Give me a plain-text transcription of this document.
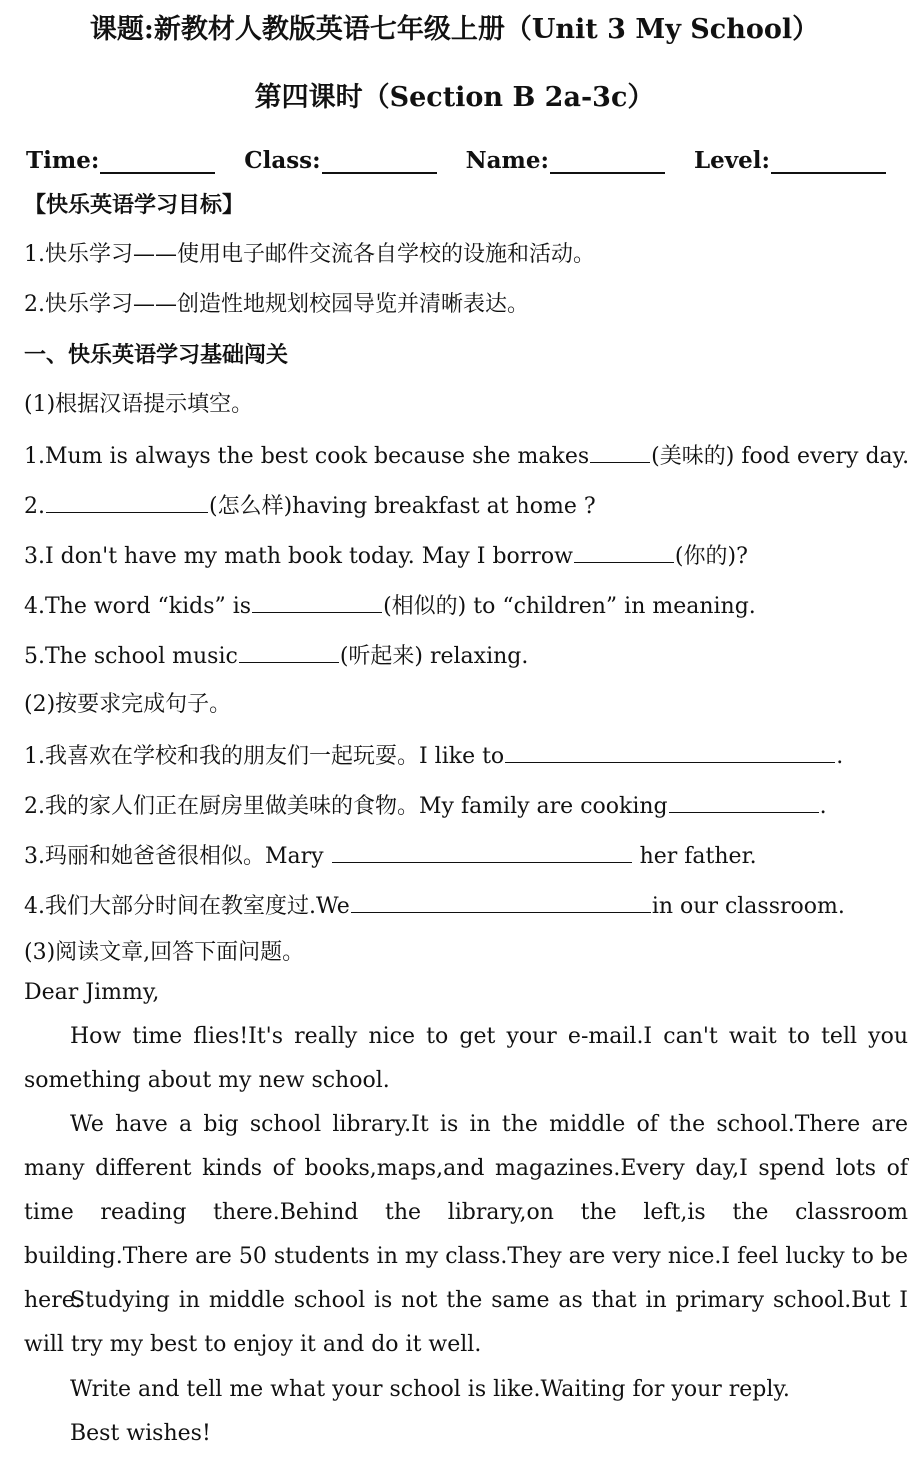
课题:新教材人教版英语七年级上册（Unit 3 My School）
第四课时（Section B 2a-3c）
Time:	Class:	Name:	Level:
【快乐英语学习目标】
1.快乐学习——使用电子邮件交流各自学校的设施和活动。
2.快乐学习——创造性地规划校园导览并清晰表达。
一、快乐英语学习基础闯关
(1)根据汉语提示填空。
1.Mum is always the best cook because she makes	(美味的) food every day.
2.	(怎么样)having breakfast at home ?
3.I don't have my math book today. May I borrow	(你的)?
4.The word “kids” is	(相似的) to “children” in meaning.
5.The school music	(听起来) relaxing.
(2)按要求完成句子。
1.我喜欢在学校和我的朋友们一起玩耍。I like to	.
2.我的家人们正在厨房里做美味的食物。My family are cooking	.
3.玛丽和她爸爸很相似。Mary	her father.
4.我们大部分时间在教室度过.We	in our classroom.
(3)阅读文章,回答下面问题。
Dear Jimmy,
How time flies!It's really nice to get your e-mail.I can't wait to tell you something about my new school.
We have a big school library.It is in the middle of the school.There are many different kinds of books,maps,and magazines.Every day,I spend lots of time reading there.Behind the library,on the left,is the classroom building.There are 50 students in my class.They are very nice.I feel lucky to be here.
Studying in middle school is not the same as that in primary school.But I will try my best to enjoy it and do it well.
Write and tell me what your school is like.Waiting for your reply.
Best wishes!
